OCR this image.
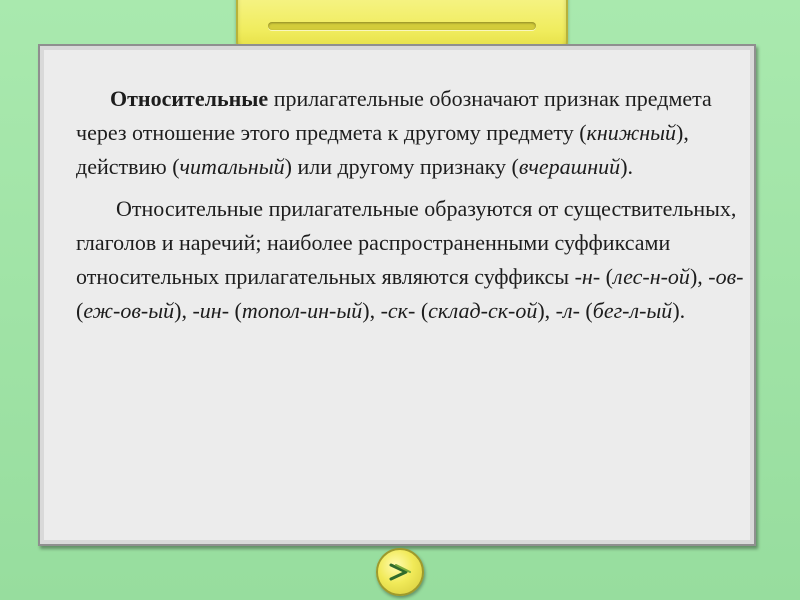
Относительные прилагательные обозначают признак предмета через отношение этого предмета к другому предмету (книжный), действию (читальный) или другому признаку (вчерашний).

Относительные прилагательные образуются от существительных, глаголов и наречий; наиболее распространенными суффиксами относительных прилагательных являются суффиксы -н- (лес-н-ой), -ов- (еж-ов-ый), -ин- (топол-ин-ый), -ск- (склад-ск-ой), -л- (бег-л-ый).
